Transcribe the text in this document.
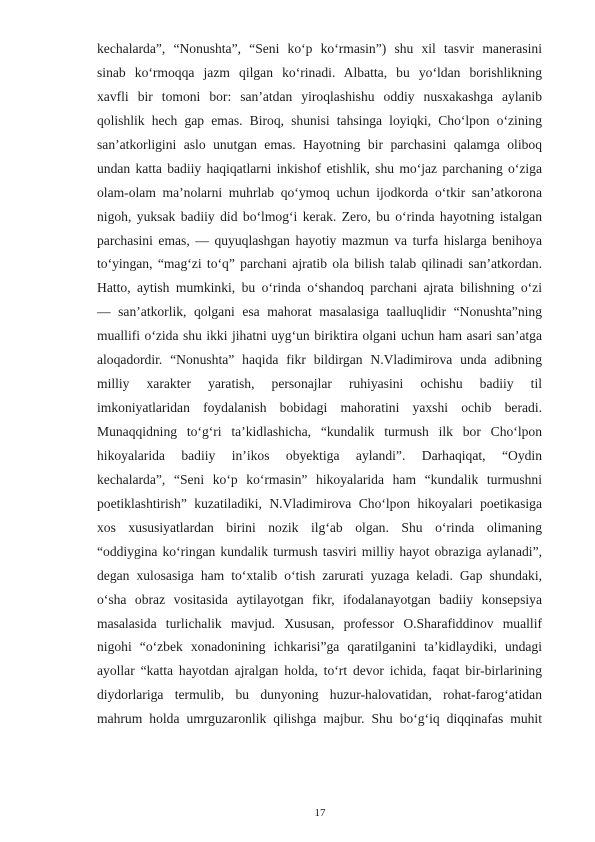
kechalarda”, “Nonushta”, “Seni ko‘p ko‘rmasin”) shu xil tasvir manerasini
sinab ko‘rmoqqa jazm qilgan ko‘rinadi. Albatta, bu yo‘ldan borishlikning
xavfli bir tomoni bor: san’atdan yiroqlashishu oddiy nusxakashga aylanib
qolishlik hech gap emas. Biroq, shunisi tahsinga loyiqki, Cho‘lpon o‘zining
san’atkorligini aslo unutgan emas. Hayotning bir parchasini qalamga oliboq
undan katta badiiy haqiqatlarni inkishof etishlik, shu mo‘jaz parchaning o‘ziga
olam-olam ma’nolarni muhrlab qo‘ymoq uchun ijodkorda o‘tkir san’atkorona
nigoh, yuksak badiiy did bo‘lmog‘i kerak. Zero, bu o‘rinda hayotning istalgan
parchasini emas, — quyuqlashgan hayotiy mazmun va turfa hislarga benihoya
to‘yingan, “mag‘zi to‘q” parchani ajratib ola bilish talab qilinadi san’atkordan.
Hatto, aytish mumkinki, bu o‘rinda o‘shandoq parchani ajrata bilishning o‘zi
— san’atkorlik, qolgani esa mahorat masalasiga taalluqlidir “Nonushta”ning
muallifi o‘zida shu ikki jihatni uyg‘un biriktira olgani uchun ham asari san’atga
aloqadordir. “Nonushta” haqida fikr bildirgan N.Vladimirova unda adibning
milliy xarakter yaratish, personajlar ruhiyasini ochishu badiiy til
imkoniyatlaridan foydalanish bobidagi mahoratini yaxshi ochib beradi.
Munaqqidning to‘g‘ri ta’kidlashicha, “kundalik turmush ilk bor Cho‘lpon
hikoyalarida badiiy in’ikos obyektiga aylandi”. Darhaqiqat, “Oydin
kechalarda”, “Seni ko‘p ko‘rmasin” hikoyalarida ham “kundalik turmushni
poetiklashtirish” kuzatiladiki, N.Vladimirova Cho‘lpon hikoyalari poetikasiga
xos xususiyatlardan birini nozik ilg‘ab olgan. Shu o‘rinda olimaning
“oddiygina ko‘ringan kundalik turmush tasviri milliy hayot obraziga aylanadi”,
degan xulosasiga ham to‘xtalib o‘tish zarurati yuzaga keladi. Gap shundaki,
o‘sha obraz vositasida aytilayotgan fikr, ifodalanayotgan badiiy konsepsiya
masalasida turlichalik mavjud. Xususan, professor O.Sharafiddinov muallif
nigohi “o‘zbek xonadonining ichkarisi”ga qaratilganini ta’kidlaydiki, undagi
ayollar “katta hayotdan ajralgan holda, to‘rt devor ichida, faqat bir-birlarining
diydorlariga termulib, bu dunyoning huzur-halovatidan, rohat-farog‘atidan
mahrum holda umrguzaronlik qilishga majbur. Shu bo‘g‘iq diqqinafas muhit
17
